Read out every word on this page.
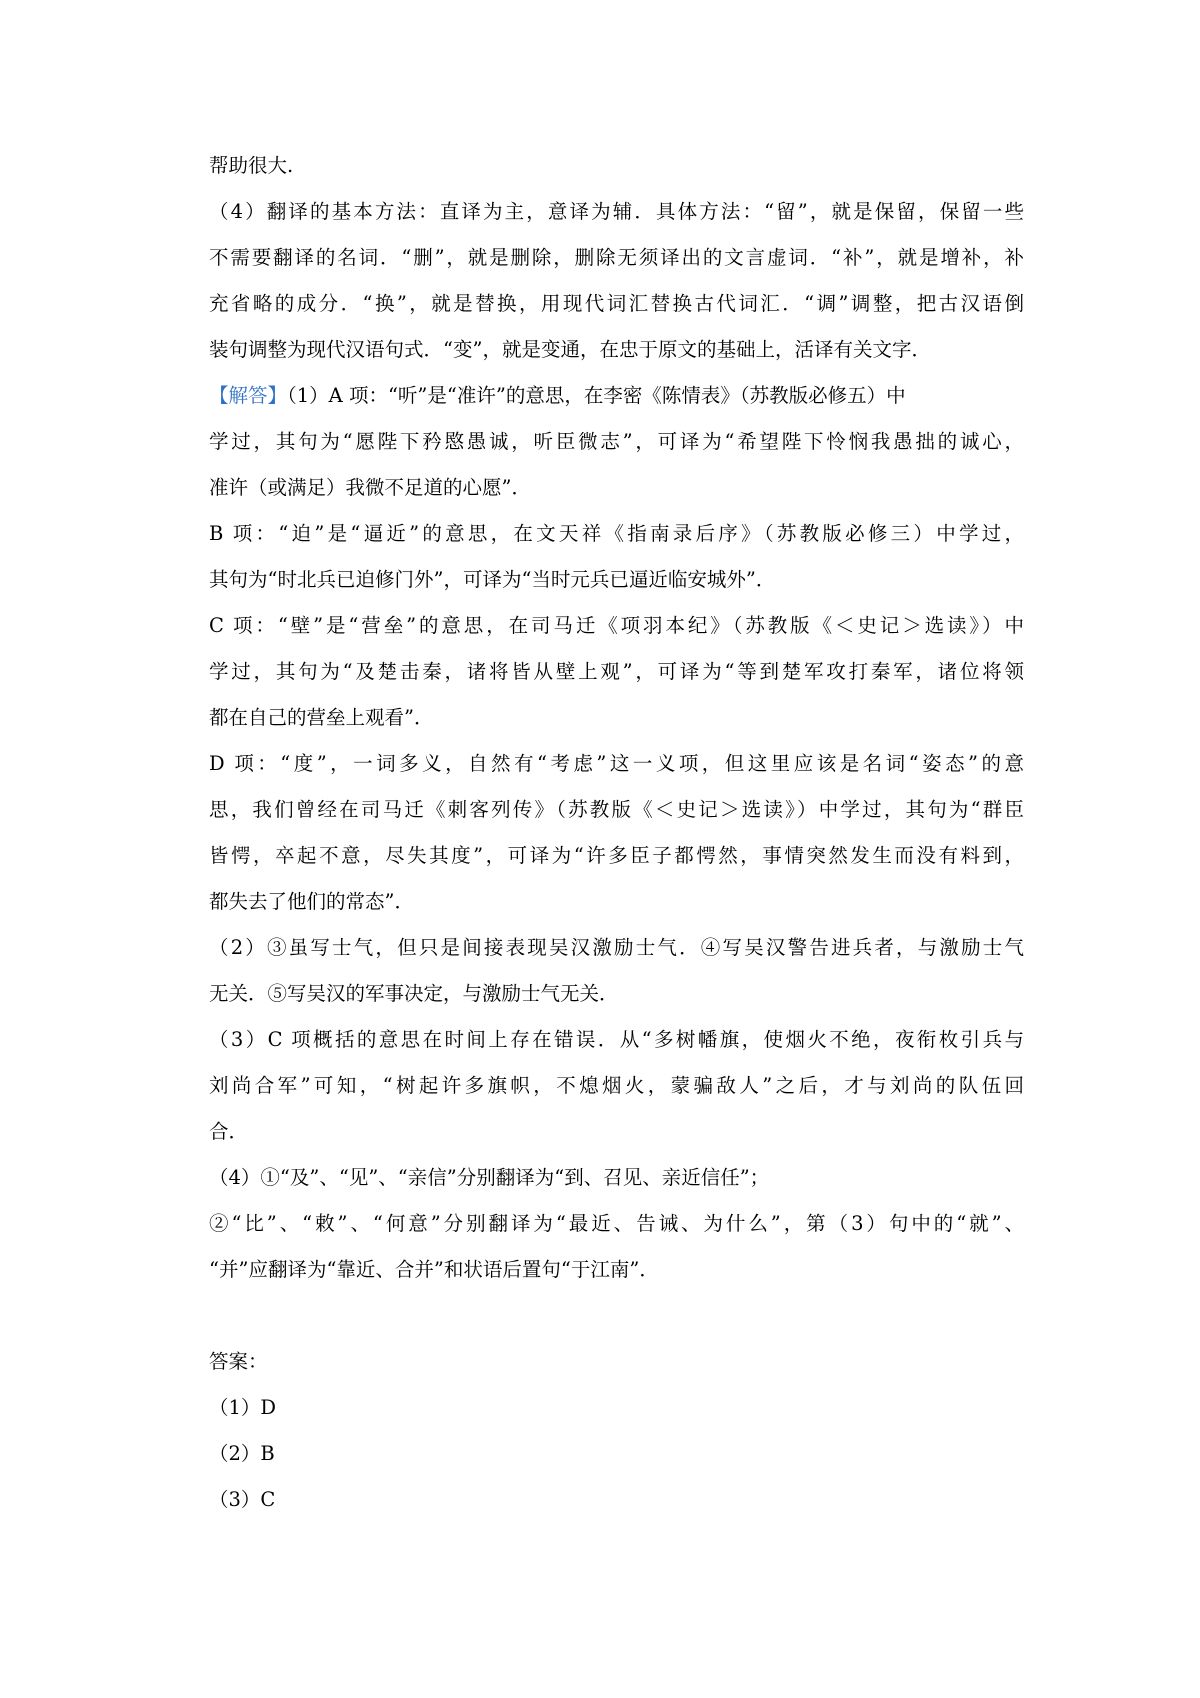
帮助很大.
（4）翻译的基本方法：直译为主，意译为辅．具体方法：“留”，就是保留，保留一些
不需要翻译的名词．“删”，就是删除，删除无须译出的文言虚词．“补”，就是增补，补
充省略的成分．“换”，就是替换，用现代词汇替换古代词汇．“调”调整，把古汉语倒
装句调整为现代汉语句式．“变”，就是变通，在忠于原文的基础上，活译有关文字．
【解答】（1）A 项：“听”是“准许”的意思，在李密《陈情表》（苏教版必修五）中
学过，其句为“愿陛下矜愍愚诚，听臣微志”，可译为“希望陛下怜悯我愚拙的诚心，
准许（或满足）我微不足道的心愿”．
B 项：“迫”是“逼近”的意思，在文天祥《指南录后序》（苏教版必修三）中学过，
其句为“时北兵已迫修门外”，可译为“当时元兵已逼近临安城外”．
C 项：“壁”是“营垒”的意思，在司马迁《项羽本纪》（苏教版《＜史记＞选读》）中
学过，其句为“及楚击秦，诸将皆从壁上观”，可译为“等到楚军攻打秦军，诸位将领
都在自己的营垒上观看”．
D 项：“度”，一词多义，自然有“考虑”这一义项，但这里应该是名词“姿态”的意
思，我们曾经在司马迁《刺客列传》（苏教版《＜史记＞选读》）中学过，其句为“群臣
皆愕，卒起不意，尽失其度”，可译为“许多臣子都愕然，事情突然发生而没有料到，
都失去了他们的常态”．
（2）③虽写士气，但只是间接表现吴汉激励士气．④写吴汉警告进兵者，与激励士气
无关．⑤写吴汉的军事决定，与激励士气无关．
（3）C 项概括的意思在时间上存在错误．从“多树幡旗，使烟火不绝，夜衔枚引兵与
刘尚合军”可知，“树起许多旗帜，不熄烟火，蒙骗敌人”之后，才与刘尚的队伍回
合．
（4）①“及”、“见”、“亲信”分别翻译为“到、召见、亲近信任”；
②“比”、“敕”、“何意”分别翻译为“最近、告诫、为什么”，第（3）句中的“就”、
“并”应翻译为“靠近、合并”和状语后置句“于江南”．
答案：
（1）D
（2）B
（3）C
